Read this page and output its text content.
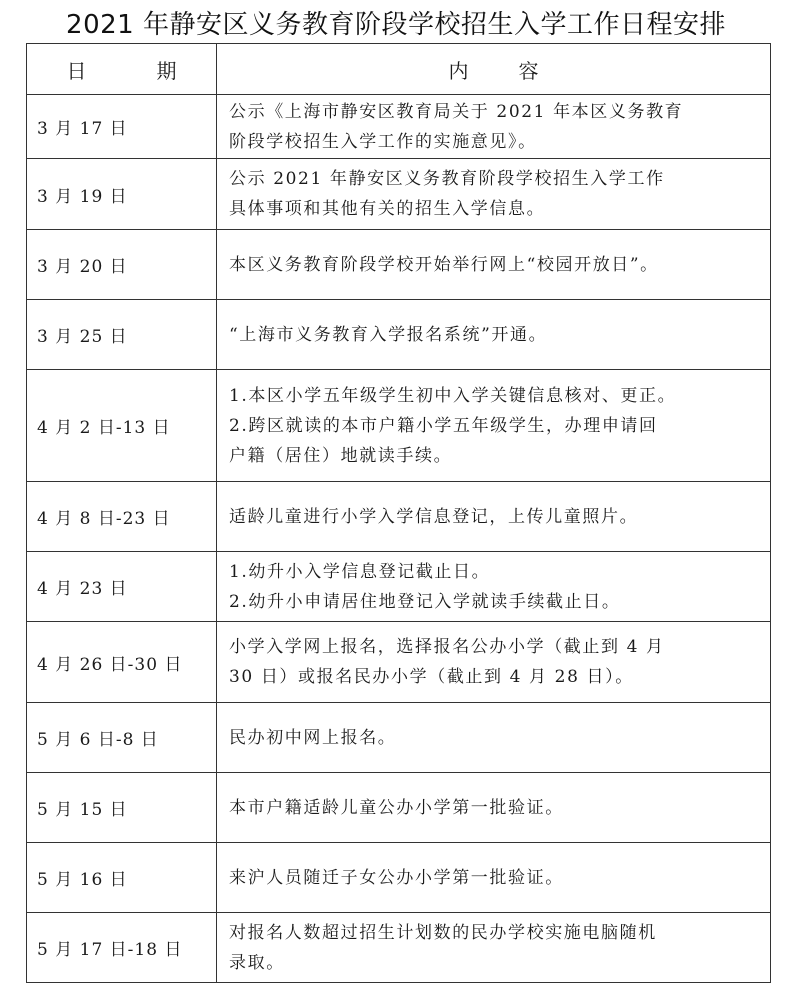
2021 年静安区义务教育阶段学校招生入学工作日程安排
日 期	内 容
3 月 17 日	公示《上海市静安区教育局关于 2021 年本区义务教育
阶段学校招生入学工作的实施意见》。

3 月 19 日	公示 2021 年静安区义务教育阶段学校招生入学工作
具体事项和其他有关的招生入学信息。

3 月 20 日	本区义务教育阶段学校开始举行网上“校园开放日”。

3 月 25 日	“上海市义务教育入学报名系统”开通。

4 月 2 日-13 日	1.本区小学五年级学生初中入学关键信息核对、更正。
2.跨区就读的本市户籍小学五年级学生，办理申请回
户籍（居住）地就读手续。

4 月 8 日-23 日	适龄儿童进行小学入学信息登记，上传儿童照片。

4 月 23 日	1.幼升小入学信息登记截止日。
2.幼升小申请居住地登记入学就读手续截止日。

4 月 26 日-30 日	小学入学网上报名，选择报名公办小学（截止到 4 月
30 日）或报名民办小学（截止到 4 月 28 日）。

5 月 6 日-8 日	民办初中网上报名。

5 月 15 日	本市户籍适龄儿童公办小学第一批验证。

5 月 16 日	来沪人员随迁子女公办小学第一批验证。

5 月 17 日-18 日	对报名人数超过招生计划数的民办学校实施电脑随机
录取。
